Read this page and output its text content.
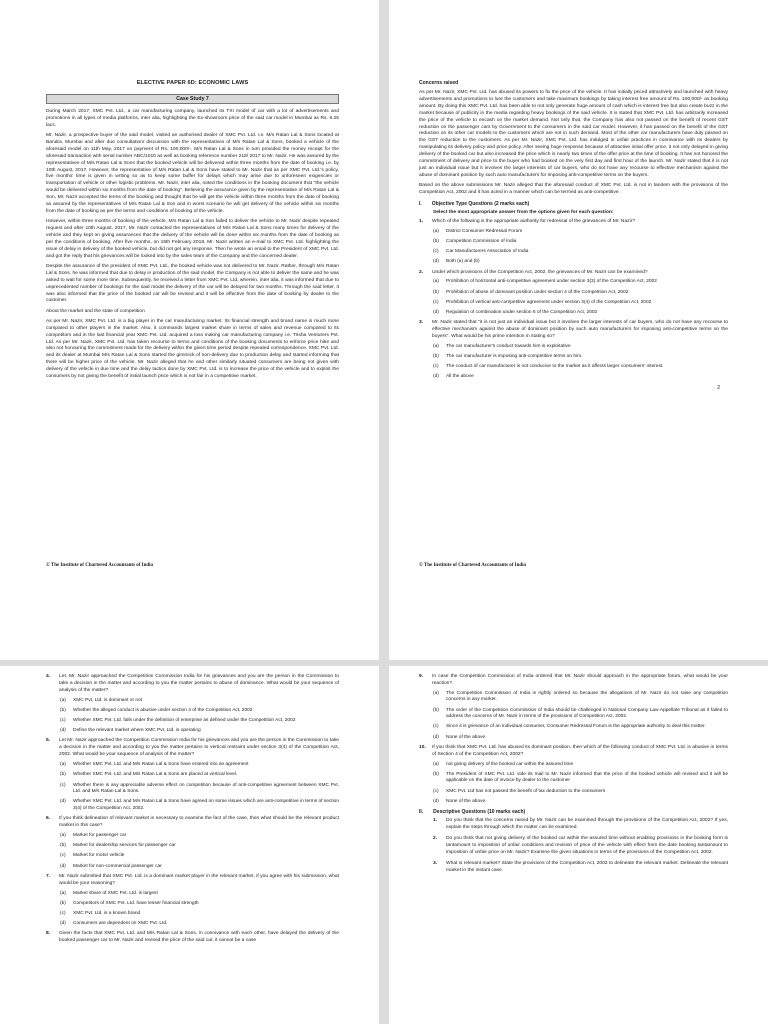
ELECTIVE PAPER 6D: ECONOMIC LAWS
Case Study 7

During March 2017, XMC Pvt. Ltd., a car manufacturing company, launched its TXI model of car with a lot of advertisements and promotions in all types of media platforms, inter alia, highlighting the Ex-showroom price of the said car model in Mumbai as Rs. 6.25 lacs.

Mr. Nazir, a prospective buyer of the said model, visited an authorised dealer of XMC Pvt. Ltd. i.e. M/s Ratan Lal & Sons located at Bandra, Mumbai and after due consultation/ discussion with the representatives of M/s Ratan Lal & Sons, booked a vehicle of the aforesaid model on 11th May, 2017 on payment of Rs. 100,000/-. M/s Ratan Lal & Sons in turn provided the money receipt for the aforesaid transaction with serial number ABC/1010 as well as booking reference number 218/ 2017 to Mr. Nazir. He was assured by the representatives of M/s Ratan Lal & Sons that the booked vehicle will be delivered within three months from the date of booking i.e. by 10th August, 2017. However, the representative of M/s Ratan Lal & Sons have stated to Mr. Nazir that as per XMC Pvt. Ltd.'s policy, five months' time is given in writing so as to keep some buffer for delays which may arise due to unforeseen exigencies or transportation of vehicle or other logistic problems. Mr. Nazir, inter alia, noted the conditions in the booking document that "the vehicle would be delivered within six months from the date of booking". Believing the assurance given by the representative of M/s Ratan Lal & Son, Mr. Nazir accepted the terms of the booking and thought that he will get the vehicle within three months from the date of booking as assured by the representatives of M/s Ratan Lal & Son and in worst scenario he will get delivery of the vehicle within six months from the date of booking as per the terms and conditions of booking of the vehicle.

However, within three months of booking of the vehicle, M/s Ratan Lal & Son failed to deliver the vehicle to Mr. Nazir despite repeated request and after 10th August, 2017, Mr. Nazir contacted the representatives of M/s Ratan Lal & Sons many times for delivery of the vehicle and they kept on giving assurances that the delivery of the vehicle will be done within six months from the date of booking as per the conditions of booking. After five months, on 15th February 2018, Mr. Nazir written an e-mail to XMC Pvt. Ltd. highlighting the issue of delay in delivery of the booked vehicle, but did not get any response. Then he wrote an email to the President of XMC Pvt. Ltd. and got the reply that his grievances will be looked into by the sales team of the Company and the concerned dealer.

Despite the assurance of the president of XMC Pvt. Ltd., the booked vehicle was not delivered to Mr. Nazir. Rather, through M/s Ratan Lal & Sons, he was informed that due to delay in production of the said model, the Company is not able to deliver the same and he was asked to wait for some more time. Subsequently, he received a letter from XMC Pvt. Ltd. wherein, inter alia, it was informed that due to unprecedented number of bookings for the said model the delivery of the car will be delayed for two months. Through the said letter, it was also informed that the price of the booked car will be revised and it will be effective from the date of booking by dealer to the customer.

About the market and the state of competition

As per Mr. Nazir, XMC Pvt. Ltd. is a big player in the car manufacturing market. Its financial strength and brand name is much more compared to other players in the market. Also, it commands largest market share in terms of sales and revenue compared to its competitors and in the last financial year XMC Pvt. Ltd. acquired a loss making car manufacturing company i.e. Trisha Venturers Pvt. Ltd. As per Mr. Nazir, XMC Pvt. Ltd. has taken recourse to terms and conditions of the booking documents to enforce price hike and also not honouring the commitment made for the delivery within the given time period despite repeated correspondence. XMC Pvt. Ltd. and its dealer at Mumbai M/s Ratan Lal & Sons started the gimmick of non-delivery due to production delay and started informing that there will be higher price of the vehicle. Mr. Nazir alleged that he and other similarly situated consumers are being not given with delivery of the vehicle in due time and the delay tactics done by XMC Pvt. Ltd. is to increase the price of the vehicle and to exploit the consumers by not giving the benefit of initial launch price which is not fair in a competitive market.

© The Institute of Chartered Accountants of India
Concerns raised

As per Mr. Nazir, XMC Pvt. Ltd. has abused its powers to fix the price of the vehicle. It has initially priced attractively and launched with heavy advertisements and promotions to lure the customers and take maximum bookings by taking interest free amount of Rs. 100,000/- as booking amount. By doing this XMC Pvt. Ltd. has been able to not only generate huge amount of cash which is interest free but also create buzz in the market because of publicity in the media regarding heavy bookings of the said vehicle. It is stated that XMC Pvt. Ltd. has arbitrarily increased the price of the vehicle to encash on the market demand. Not only that, the Company has also not passed on the benefit of recent GST reduction on the passenger cars by Government to the consumers in the said car model. However, it has passed on the benefit of the GST reduction on its other car models to the customers which are not in such demand. Most of the other car manufacturers have duly passed on the GST reduction to the customers. As per Mr. Nazir, XMC Pvt. Ltd. has indulged in unfair practices in connivance with its dealers by manipulating its delivery policy and price policy. After seeing huge response because of attractive initial offer price, it not only delayed in giving delivery of the booked car but also increased the price which is nearly two times of the offer price at the time of booking. It has not honored the commitment of delivery and price to the buyer who had booked on the very first day and first hour of the launch. Mr. Nazir stated that it is not just an individual issue but it involves the larger interests of car buyers, who do not have any recourse to effective mechanism against the abuse of dominant position by such auto manufacturers for imposing anti-competitive terms on the buyers.

Based on the above submissions Mr. Nazir alleged that the aforesaid conduct of XMC Pvt. Ltd. is not in tandem with the provisions of the Competition Act, 2002 and it has acted in a manner which can be termed as anti-competitive.

I. Objective Type Questions (2 marks each)
Select the most appropriate answer from the options given for each question:
1.	Which of the following is the appropriate authority for redressal of the grievances of Mr. Nazir?
(a)	District Consumer Redressal Forum
(b)	Competition Commission of India
(c)	Car Manufacturers Association of India
(d)	Both (a) and (b)
2.	Under which provisions of the Competition Act, 2002, the grievances of Mr. Nazir can be examined?
(a)	Prohibition of horizontal anti-competitive agreement under section 3(3) of the Competition Act, 2002
(b)	Prohibition of abuse of dominant position under section 4 of the Competition Act, 2002
(c)	Prohibition of vertical anti-competitive agreement under section 3(4) of the Competition Act, 2002
(d)	Regulation of combination under section 6 of the Competition Act, 2002
3.	Mr. Nazir stated that "it is not just an individual issue but it involves the larger interests of car buyers, who do not have any recourse to effective mechanism against the abuse of dominant position by such auto manufacturers for imposing anti-competitive terms on the buyers". What would be his prime intention in stating so?
(a)	The car manufacturer's conduct towards him is exploitative
(b)	The car manufacturer is imposing anti-competitive terms on him.
(c)	The conduct of car manufacturer is not conducive to the market as it affects larger consumers' interest.
(d)	All the above
2
© The Institute of Chartered Accountants of India
4.	Let, Mr. Nazir approached the Competition Commission India for his grievances and you are the person in the Commission to take a decision in the matter and according to you the matter pertains to abuse of dominance. What would be your sequence of analysis of the matter?
(a)	XMC Pvt. Ltd. is dominant or not
(b)	Whether the alleged conduct is abusive under section 4 of the Competition Act, 2002
(c)	Whether XMC Pvt. Ltd. falls under the definition of enterprise as defined under the Competition Act, 2002
(d)	Define the relevant market where XMC Pvt. Ltd. is operating
5.	Let Mr. Nazir approached the Competition Commission India for his grievances and you are the person in the Commission to take a decision in the matter and according to you the matter pertains to vertical restraint under section 3(4) of the Competition Act, 2002. What would be your sequence of analysis of the matter?
(a)	Whether XMC Pvt. Ltd. and M/s Ratan Lal & Sons have entered into an agreement
(b)	Whether XMC Pvt. Ltd. and M/s Ratan Lal & Sons are placed at vertical level.
(c)	Whether there is any appreciable adverse effect on competition because of anti-competitive agreement between XMC Pvt. Ltd. and M/s Ratan Lal & Sons.
(d)	Whether XMC Pvt. Ltd. and M/s Ratan Lal & Sons have agreed on some issues which are anti-competitive in terms of section 3(4) of the Competition Act, 2002.
6.	If you think delineation of relevant market is necessary to examine the fact of the case, then what should be the relevant product market in this case?
(a)	Market for passenger car
(b)	Market for dealership services for passenger car
(c)	Market for motor vehicle
(d)	Market for non-commercial passenger car
7.	Mr. Nazir submitted that XMC Pvt. Ltd. is a dominant market player in the relevant market, if you agree with his submission, what would be your reasoning?
(a)	Market share of XMC Pvt. Ltd. is largest
(b)	Competitors of XMC Pvt. Ltd. have lesser financial strength
(c)	XMC Pvt. Ltd. is a known brand
(d)	Consumers are dependent on XMC Pvt. Ltd.
8.	Given the facts that XMC Pvt. Ltd. and M/s Ratan Lal & Sons, in connivance with each other, have delayed the delivery of the booked passenger car to Mr. Nazir and revised the price of the said car, it cannot be a case
9.	In case the Competition Commission of India ordered that Mr. Nazir should approach in the appropriate forum, what would be your reaction?
(a)	The Competition Commission of India is rightly ordered so because the allegations of Mr. Nazir do not raise any competition concerns in any market.
(b)	The order of the Competition Commission of India should be challenged in National Company Law Appellate Tribunal as it failed to address the concerns of Mr. Nazir in terms of the provisions of Competition Act, 2002.
(c)	Since it is grievance of an individual consumer, Consumer Redressal Forum is the appropriate authority to deal this matter.
(d)	None of the above
10.	If you think that XMC Pvt. Ltd. has abused its dominant position, then which of the following conduct of XMC Pvt. Ltd. is abusive in terms of Section 4 of the Competition Act, 2002?
(a)	not giving delivery of the booked car within the assured time
(b)	The President of XMC Pvt. Ltd. vide its mail to Mr. Nazir informed that the price of the booked vehicle will revised and it will be applicable on the date of invoice by dealer to the customer
(c)	XMC Pvt. Ltd has not passed the benefit of tax deduction to the consumers
(d)	None of the above.
II. Descriptive Questions (10 marks each)
1.	Do you think that the concerns raised by Mr. Nazir can be examined through the provisions of the Competition Act, 2002? If yes, explain the steps through which the matter can be examined.
2.	Do you think that not giving delivery of the booked car within the assured time without enabling provisions in the booking form is tantamount to imposition of unfair conditions and revision of price of the vehicle with effect from the date booking tantamount to imposition of unfair price on Mr. Nazir? Examine the given situations in terms of the provisions of the Competition Act, 2002.
3.	What is relevant market? State the provisions of the Competition Act, 2002 to delineate the relevant market. Delineate the relevant market in the instant case.
